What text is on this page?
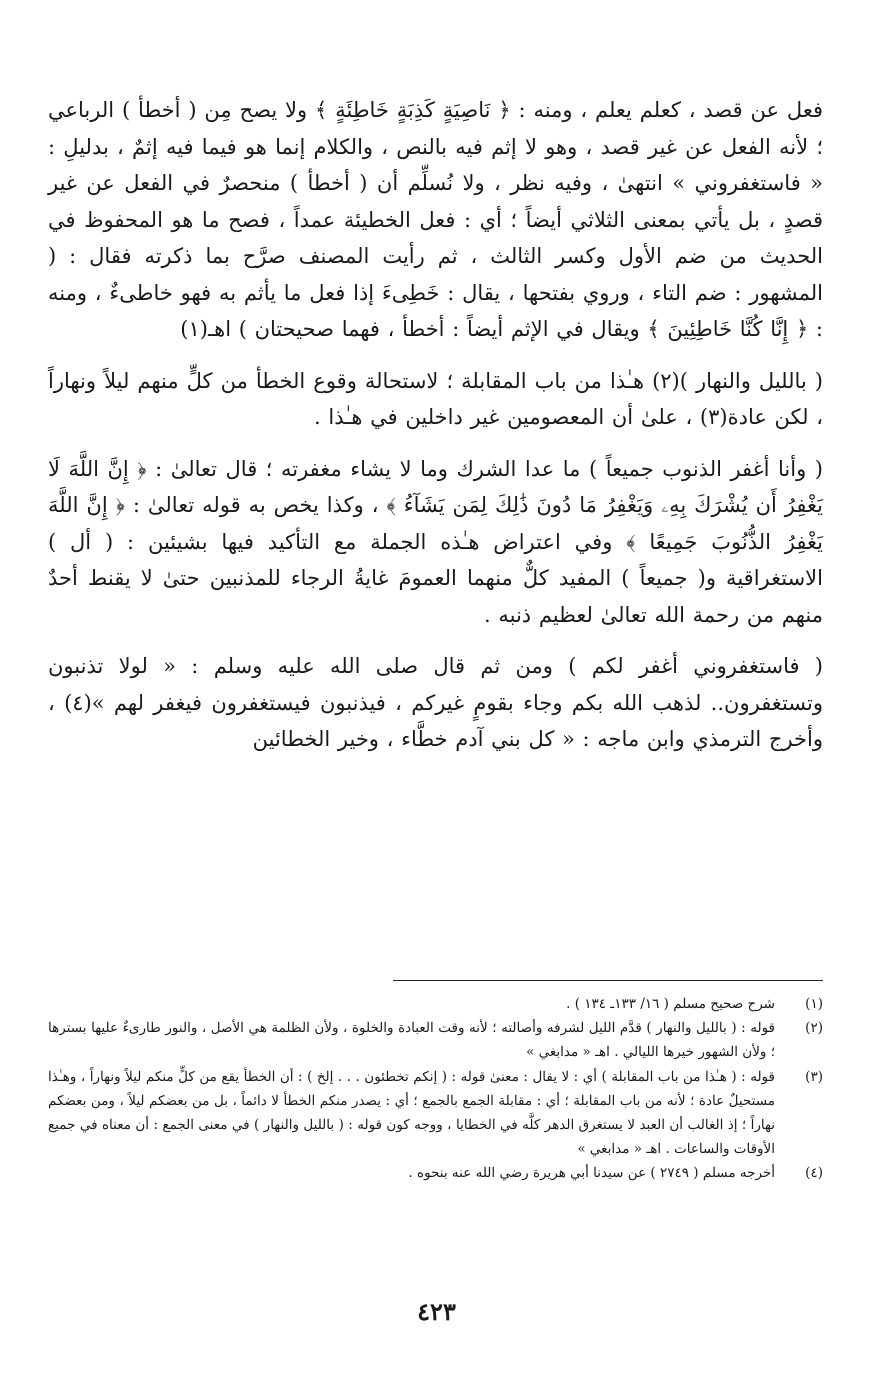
فعل عن قصد ، كعلم يعلم ، ومنه : ﴿ نَاصِيَةٍ كَذِبَةٍ خَاطِئَةٍ ﴾ ولا يصح مِن ( أخطأ ) الرباعي ؛ لأنه الفعل عن غير قصد ، وهو لا إثم فيه بالنص ، والكلام إنما هو فيما فيه إثمٌ ، بدليلِ : « فاستغفروني » انتهىٰ ، وفيه نظر ، ولا نُسلِّم أن ( أخطأ ) منحصرٌ في الفعل عن غير قصدٍ ، بل يأتي بمعنى الثلاثي أيضاً ؛ أي : فعل الخطيئة عمداً ، فصح ما هو المحفوظ في الحديث من ضم الأول وكسر الثالث ، ثم رأيت المصنف صرَّح بما ذكرته فقال : ( المشهور : ضم التاء ، وروي بفتحها ، يقال : خَطِىءَ إذا فعل ما يأثم به فهو خاطىءٌ ، ومنه : ﴿ إِنَّا كُنَّا خَاطِئِينَ ﴾ ويقال في الإثم أيضاً : أخطأ ، فهما صحيحتان ) اهـ(١)

( بالليل والنهار )(٢) هـٰذا من باب المقابلة ؛ لاستحالة وقوع الخطأ من كلٍّ منهم ليلاً ونهاراً ، لكن عادة(٣) ، علىٰ أن المعصومين غير داخلين في هـٰذا .

( وأنا أغفر الذنوب جميعاً ) ما عدا الشرك وما لا يشاء مغفرته ؛ قال تعالىٰ : ﴿ إِنَّ اللَّهَ لَا يَغْفِرُ أَن يُشْرَكَ بِهِۦ وَيَغْفِرُ مَا دُونَ ذَٰلِكَ لِمَن يَشَآءُ ﴾ ، وكذا يخص به قوله تعالىٰ : ﴿ إِنَّ اللَّهَ يَغْفِرُ الذُّنُوبَ جَمِيعًا ﴾ وفي اعتراض هـٰذه الجملة مع التأكيد فيها بشيئين : ( أل ) الاستغراقية و( جميعاً ) المفيد كلٌّ منهما العمومَ غايةُ الرجاء للمذنبين حتىٰ لا يقنط أحدٌ منهم من رحمة الله تعالىٰ لعظيم ذنبه .

( فاستغفروني أغفر لكم ) ومن ثم قال صلى الله عليه وسلم : « لولا تذنبون وتستغفرون.. لذهب الله بكم وجاء بقومٍ غيركم ، فيذنبون فيستغفرون فيغفر لهم »(٤) ، وأخرج الترمذي وابن ماجه : « كل بني آدم خطَّاء ، وخير الخطائين

(١)
شرح صحيح مسلم ( ١٦/ ١٣٣ـ ١٣٤ ) .
(٢)
قوله : ( بالليل والنهار ) قدَّم الليل لشرفه وأصالته ؛ لأنه وقت العبادة والخلوة ، ولأن الظلمة هي الأصل ، والنور طارىءٌ عليها بسترها ؛ ولأن الشهور خيرها الليالي . اهـ « مدابغي »
(٣)
قوله : ( هـٰذا من باب المقابلة ) أي : لا يقال : معنىٰ قوله : ( إنكم تخطئون . . . إلخ ) : أن الخطأ يقع من كلٍّ منكم ليلاً ونهاراً ، وهـٰذا مستحيلٌ عادة ؛ لأنه من باب المقابلة ؛ أي : مقابلة الجمع بالجمع ؛ أي : يصدر منكم الخطأ لا دائماً ، بل من بعضكم ليلاً ، ومن بعضكم نهاراً ؛ إذ الغالب أن العبد لا يستغرق الدهر كلَّه في الخطايا ، ووجه كون قوله : ( بالليل والنهار ) في معنى الجمع : أن معناه في جميع الأوقات والساعات . اهـ « مدابغي »
(٤)
أخرجه مسلم ( ٢٧٤٩ ) عن سيدنا أبي هريرة رضي الله عنه بنحوه .
٤٢٣
